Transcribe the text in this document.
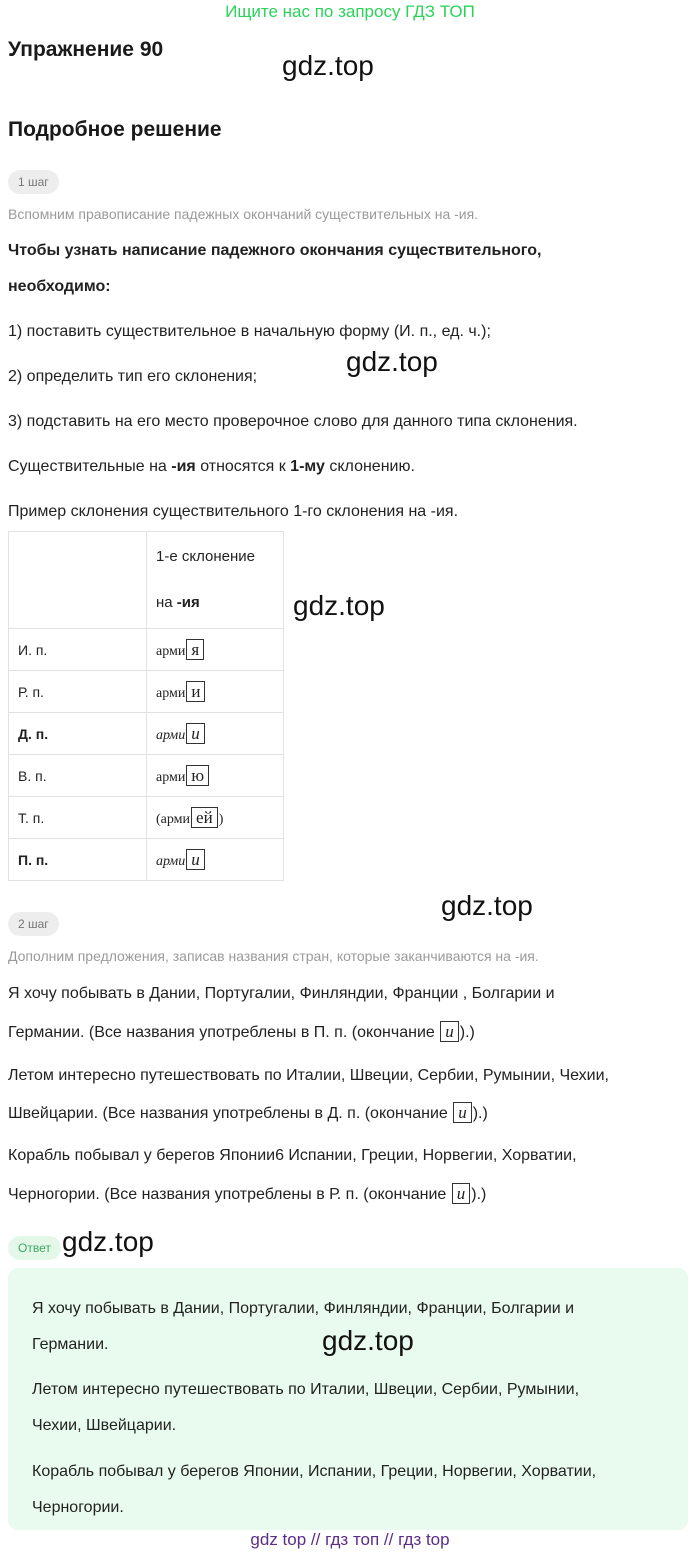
Ищите нас по запросу ГДЗ ТОП
Упражнение 90
gdz.top
Подробное решение
1 шаг
Вспомним правописание падежных окончаний существительных на -ия.
Чтобы узнать написание падежного окончания существительного,
необходимо:
1) поставить существительное в начальную форму (И. п., ед. ч.);
2) определить тип его склонения;	gdz.top
3) подставить на его место проверочное слово для данного типа склонения.
Существительные на -ия относятся к 1-му склонению.
Пример склонения существительного 1-го склонения на -ия.

	1-е склонение
на -ия

И. п.	арми я
Р. п.	арми и
Д. п.	арми и
В. п.	арми ю
Т. п.	(арми ей )
П. п.	арми и
gdz.top
gdz.top
2 шаг
Дополним предложения, записав названия стран, которые заканчиваются на -ия.
Я хочу побывать в Дании, Португалии, Финляндии, Франции , Болгарии и
Германии. (Все названия употреблены в П. п. (окончание и ).)
Летом интересно путешествовать по Италии, Швеции, Сербии, Румынии, Чехии,
Швейцарии. (Все названия употреблены в Д. п. (окончание и ).)
Корабль побывал у берегов Японии6 Испании, Греции, Норвегии, Хорватии,
Черногории. (Все названия употреблены в Р. п. (окончание и ).)
Ответ gdz.top
Я хочу побывать в Дании, Португалии, Финляндии, Франции, Болгарии и
Германии.	gdz.top
Летом интересно путешествовать по Италии, Швеции, Сербии, Румынии,
Чехии, Швейцарии.
Корабль побывал у берегов Японии, Испании, Греции, Норвегии, Хорватии,
Черногории.
gdz top // гдз топ // гдз top
